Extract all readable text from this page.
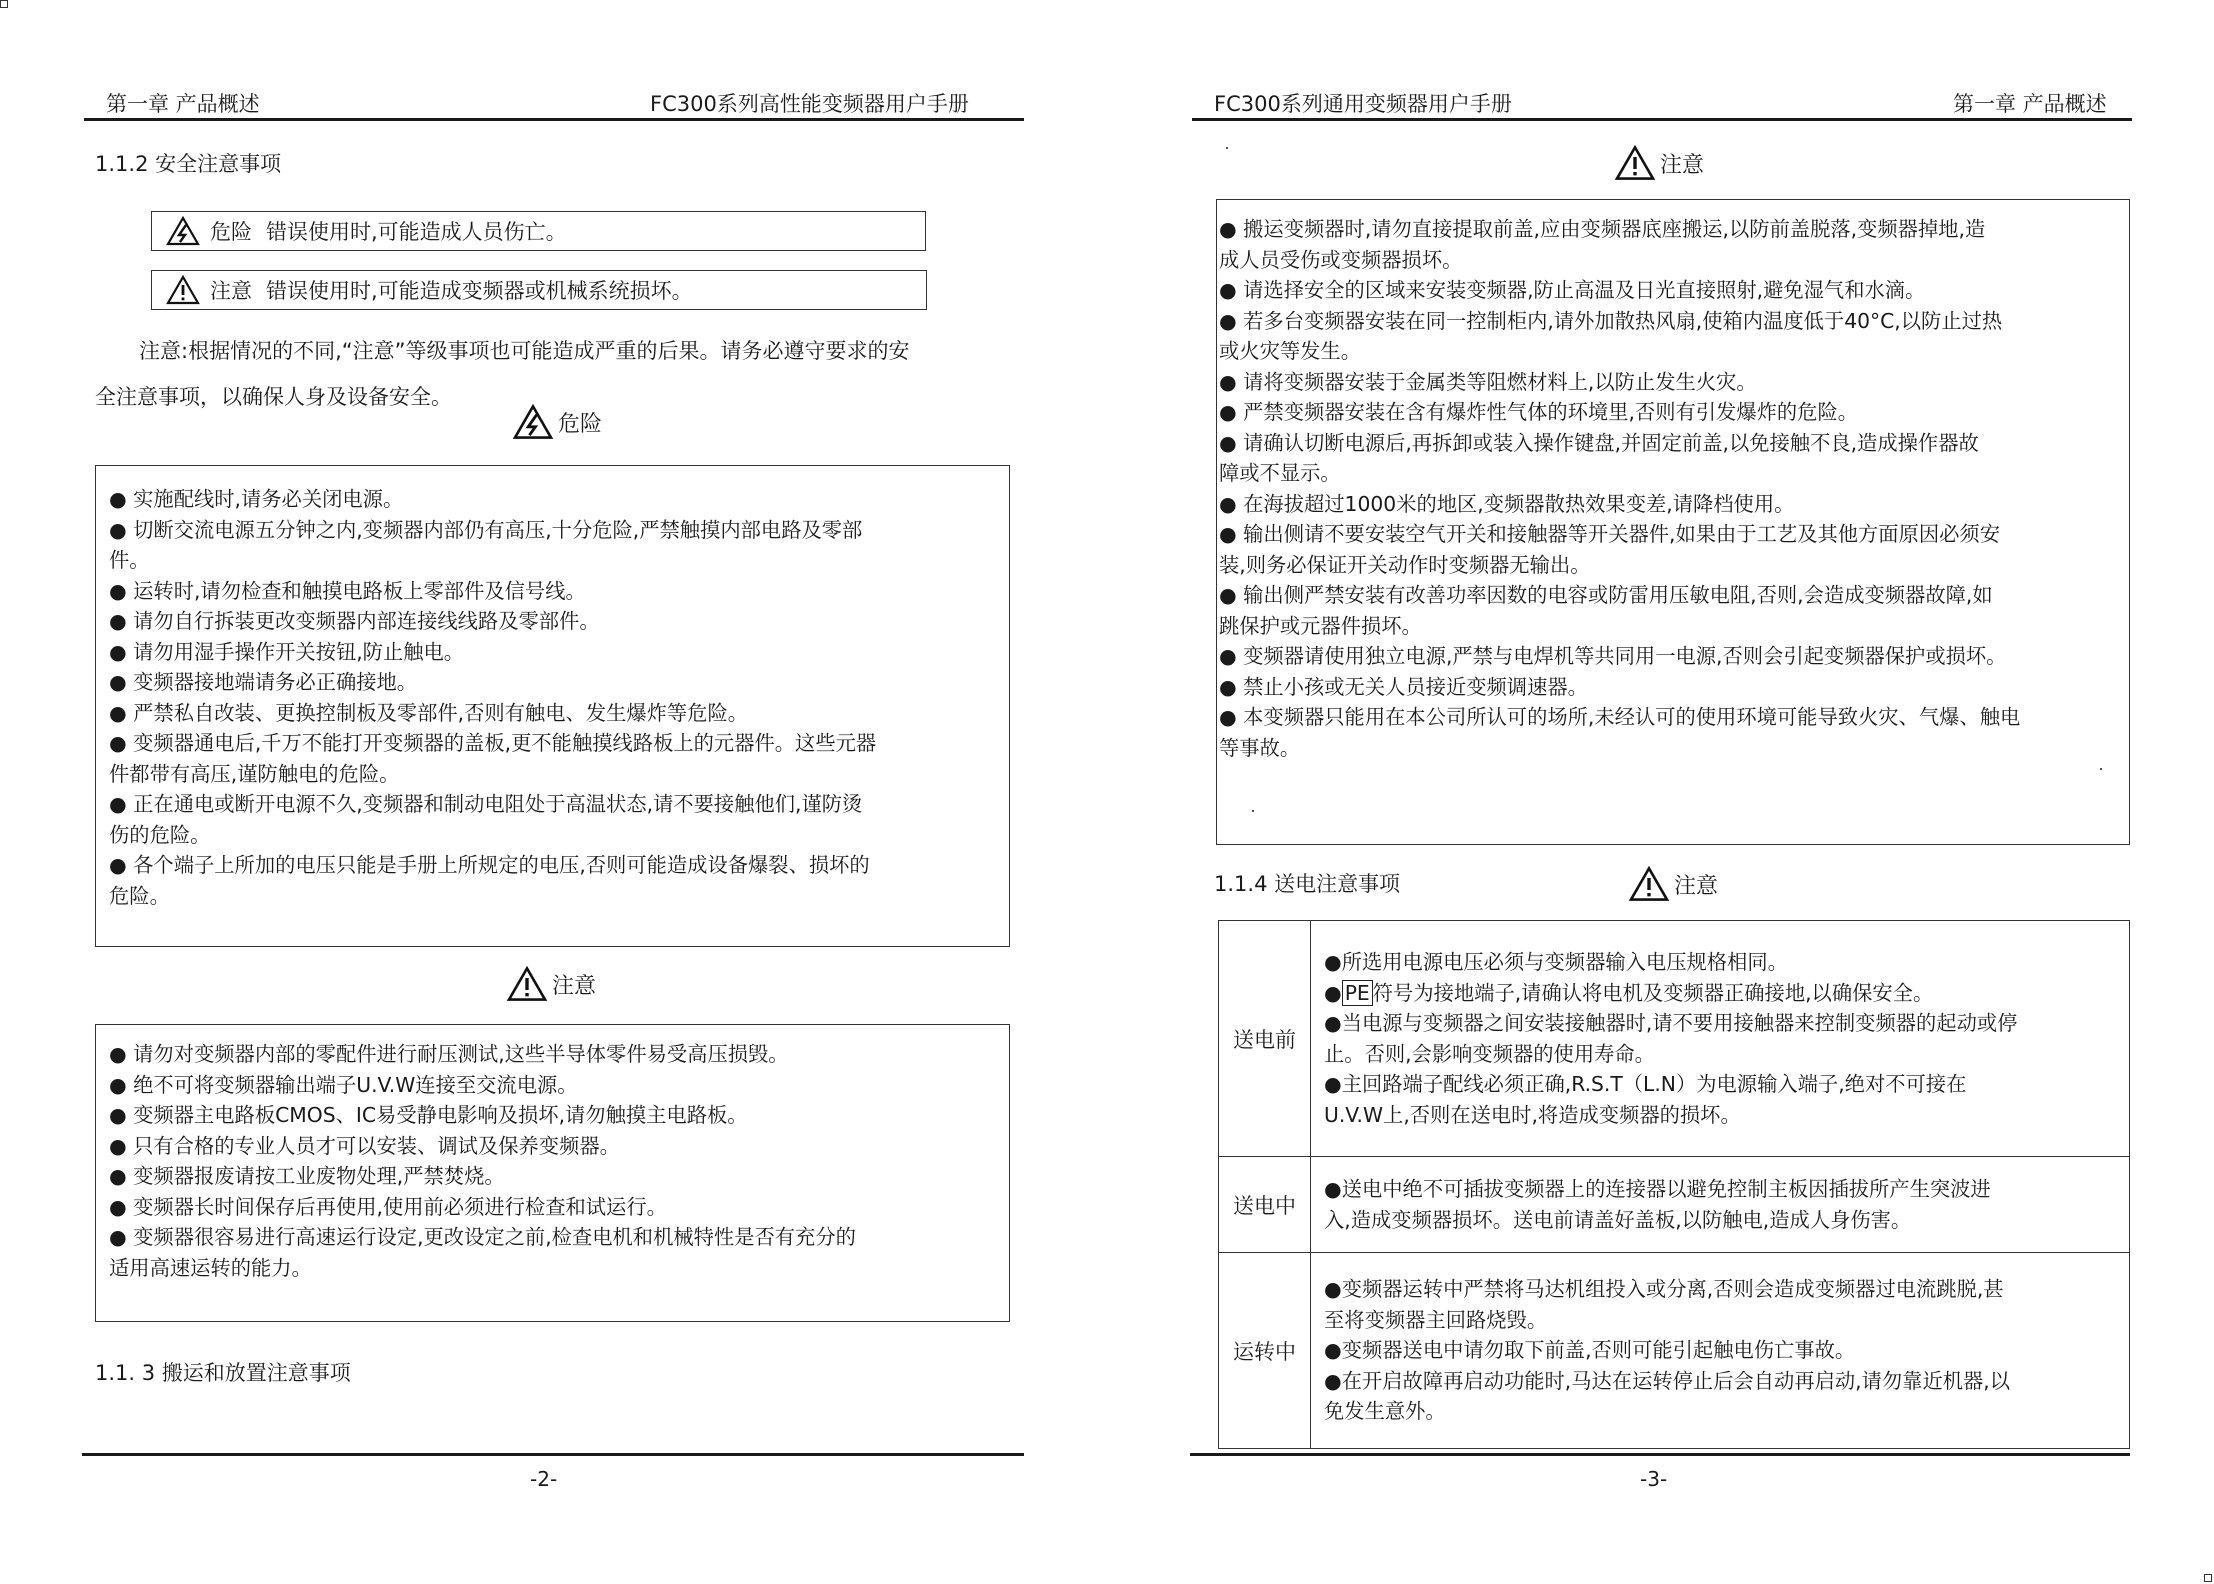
第一章 产品概述	FC300系列高性能变频器用户手册
1.1.2 安全注意事项
危险 错误使用时,可能造成人员伤亡。
注意 错误使用时,可能造成变频器或机械系统损坏。

注意:根据情况的不同,“注意”等级事项也可能造成严重的后果。请务必遵守要求的安

全注意事项，以确保人身及设备安全。

危险

● 实施配线时,请务必关闭电源。

● 切断交流电源五分钟之内,变频器内部仍有高压,十分危险,严禁触摸内部电路及零部

件。

● 运转时,请勿检查和触摸电路板上零部件及信号线。

● 请勿自行拆装更改变频器内部连接线线路及零部件。

● 请勿用湿手操作开关按钮,防止触电。

● 变频器接地端请务必正确接地。

● 严禁私自改装、更换控制板及零部件,否则有触电、发生爆炸等危险。

● 变频器通电后,千万不能打开变频器的盖板,更不能触摸线路板上的元器件。这些元器

件都带有高压,谨防触电的危险。

● 正在通电或断开电源不久,变频器和制动电阻处于高温状态,请不要接触他们,谨防烫

伤的危险。

● 各个端子上所加的电压只能是手册上所规定的电压,否则可能造成设备爆裂、损坏的

危险。

注意

● 请勿对变频器内部的零配件进行耐压测试,这些半导体零件易受高压损毁。

● 绝不可将变频器输出端子U.V.W连接至交流电源。

● 变频器主电路板CMOS、IC易受静电影响及损坏,请勿触摸主电路板。

● 只有合格的专业人员才可以安装、调试及保养变频器。

● 变频器报废请按工业废物处理,严禁焚烧。

● 变频器长时间保存后再使用,使用前必须进行检查和试运行。

● 变频器很容易进行高速运行设定,更改设定之前,检查电机和机械特性是否有充分的

适用高速运转的能力。

1.1. 3 搬运和放置注意事项
-2-
FC300系列通用变频器用户手册	第一章 产品概述
注意

● 搬运变频器时,请勿直接提取前盖,应由变频器底座搬运,以防前盖脱落,变频器掉地,造

成人员受伤或变频器损坏。

● 请选择安全的区域来安装变频器,防止高温及日光直接照射,避免湿气和水滴。

● 若多台变频器安装在同一控制柜内,请外加散热风扇,使箱内温度低于40°C,以防止过热

或火灾等发生。

● 请将变频器安装于金属类等阻燃材料上,以防止发生火灾。

● 严禁变频器安装在含有爆炸性气体的环境里,否则有引发爆炸的危险。

● 请确认切断电源后,再拆卸或装入操作键盘,并固定前盖,以免接触不良,造成操作器故

障或不显示。

● 在海拔超过1000米的地区,变频器散热效果变差,请降档使用。

● 输出侧请不要安装空气开关和接触器等开关器件,如果由于工艺及其他方面原因必须安

装,则务必保证开关动作时变频器无输出。

● 输出侧严禁安装有改善功率因数的电容或防雷用压敏电阻,否则,会造成变频器故障,如

跳保护或元器件损坏。

● 变频器请使用独立电源,严禁与电焊机等共同用一电源,否则会引起变频器保护或损坏。

● 禁止小孩或无关人员接近变频调速器。

● 本变频器只能用在本公司所认可的场所,未经认可的使用环境可能导致火灾、气爆、触电

等事故。

1.1.4 送电注意事项	注意
送电前

●所选用电源电压必须与变频器输入电压规格相同。

● PE 符号为接地端子,请确认将电机及变频器正确接地,以确保安全。

●当电源与变频器之间安装接触器时,请不要用接触器来控制变频器的起动或停

止。否则,会影响变频器的使用寿命。

●主回路端子配线必须正确,R.S.T（L.N）为电源输入端子,绝对不可接在

U.V.W上,否则在送电时,将造成变频器的损坏。

送电中

●送电中绝不可插拔变频器上的连接器以避免控制主板因插拔所产生突波进

入,造成变频器损坏。送电前请盖好盖板,以防触电,造成人身伤害。

运转中

●变频器运转中严禁将马达机组投入或分离,否则会造成变频器过电流跳脱,甚

至将变频器主回路烧毁。

●变频器送电中请勿取下前盖,否则可能引起触电伤亡事故。

●在开启故障再启动功能时,马达在运转停止后会自动再启动,请勿靠近机器,以

免发生意外。

-3-
